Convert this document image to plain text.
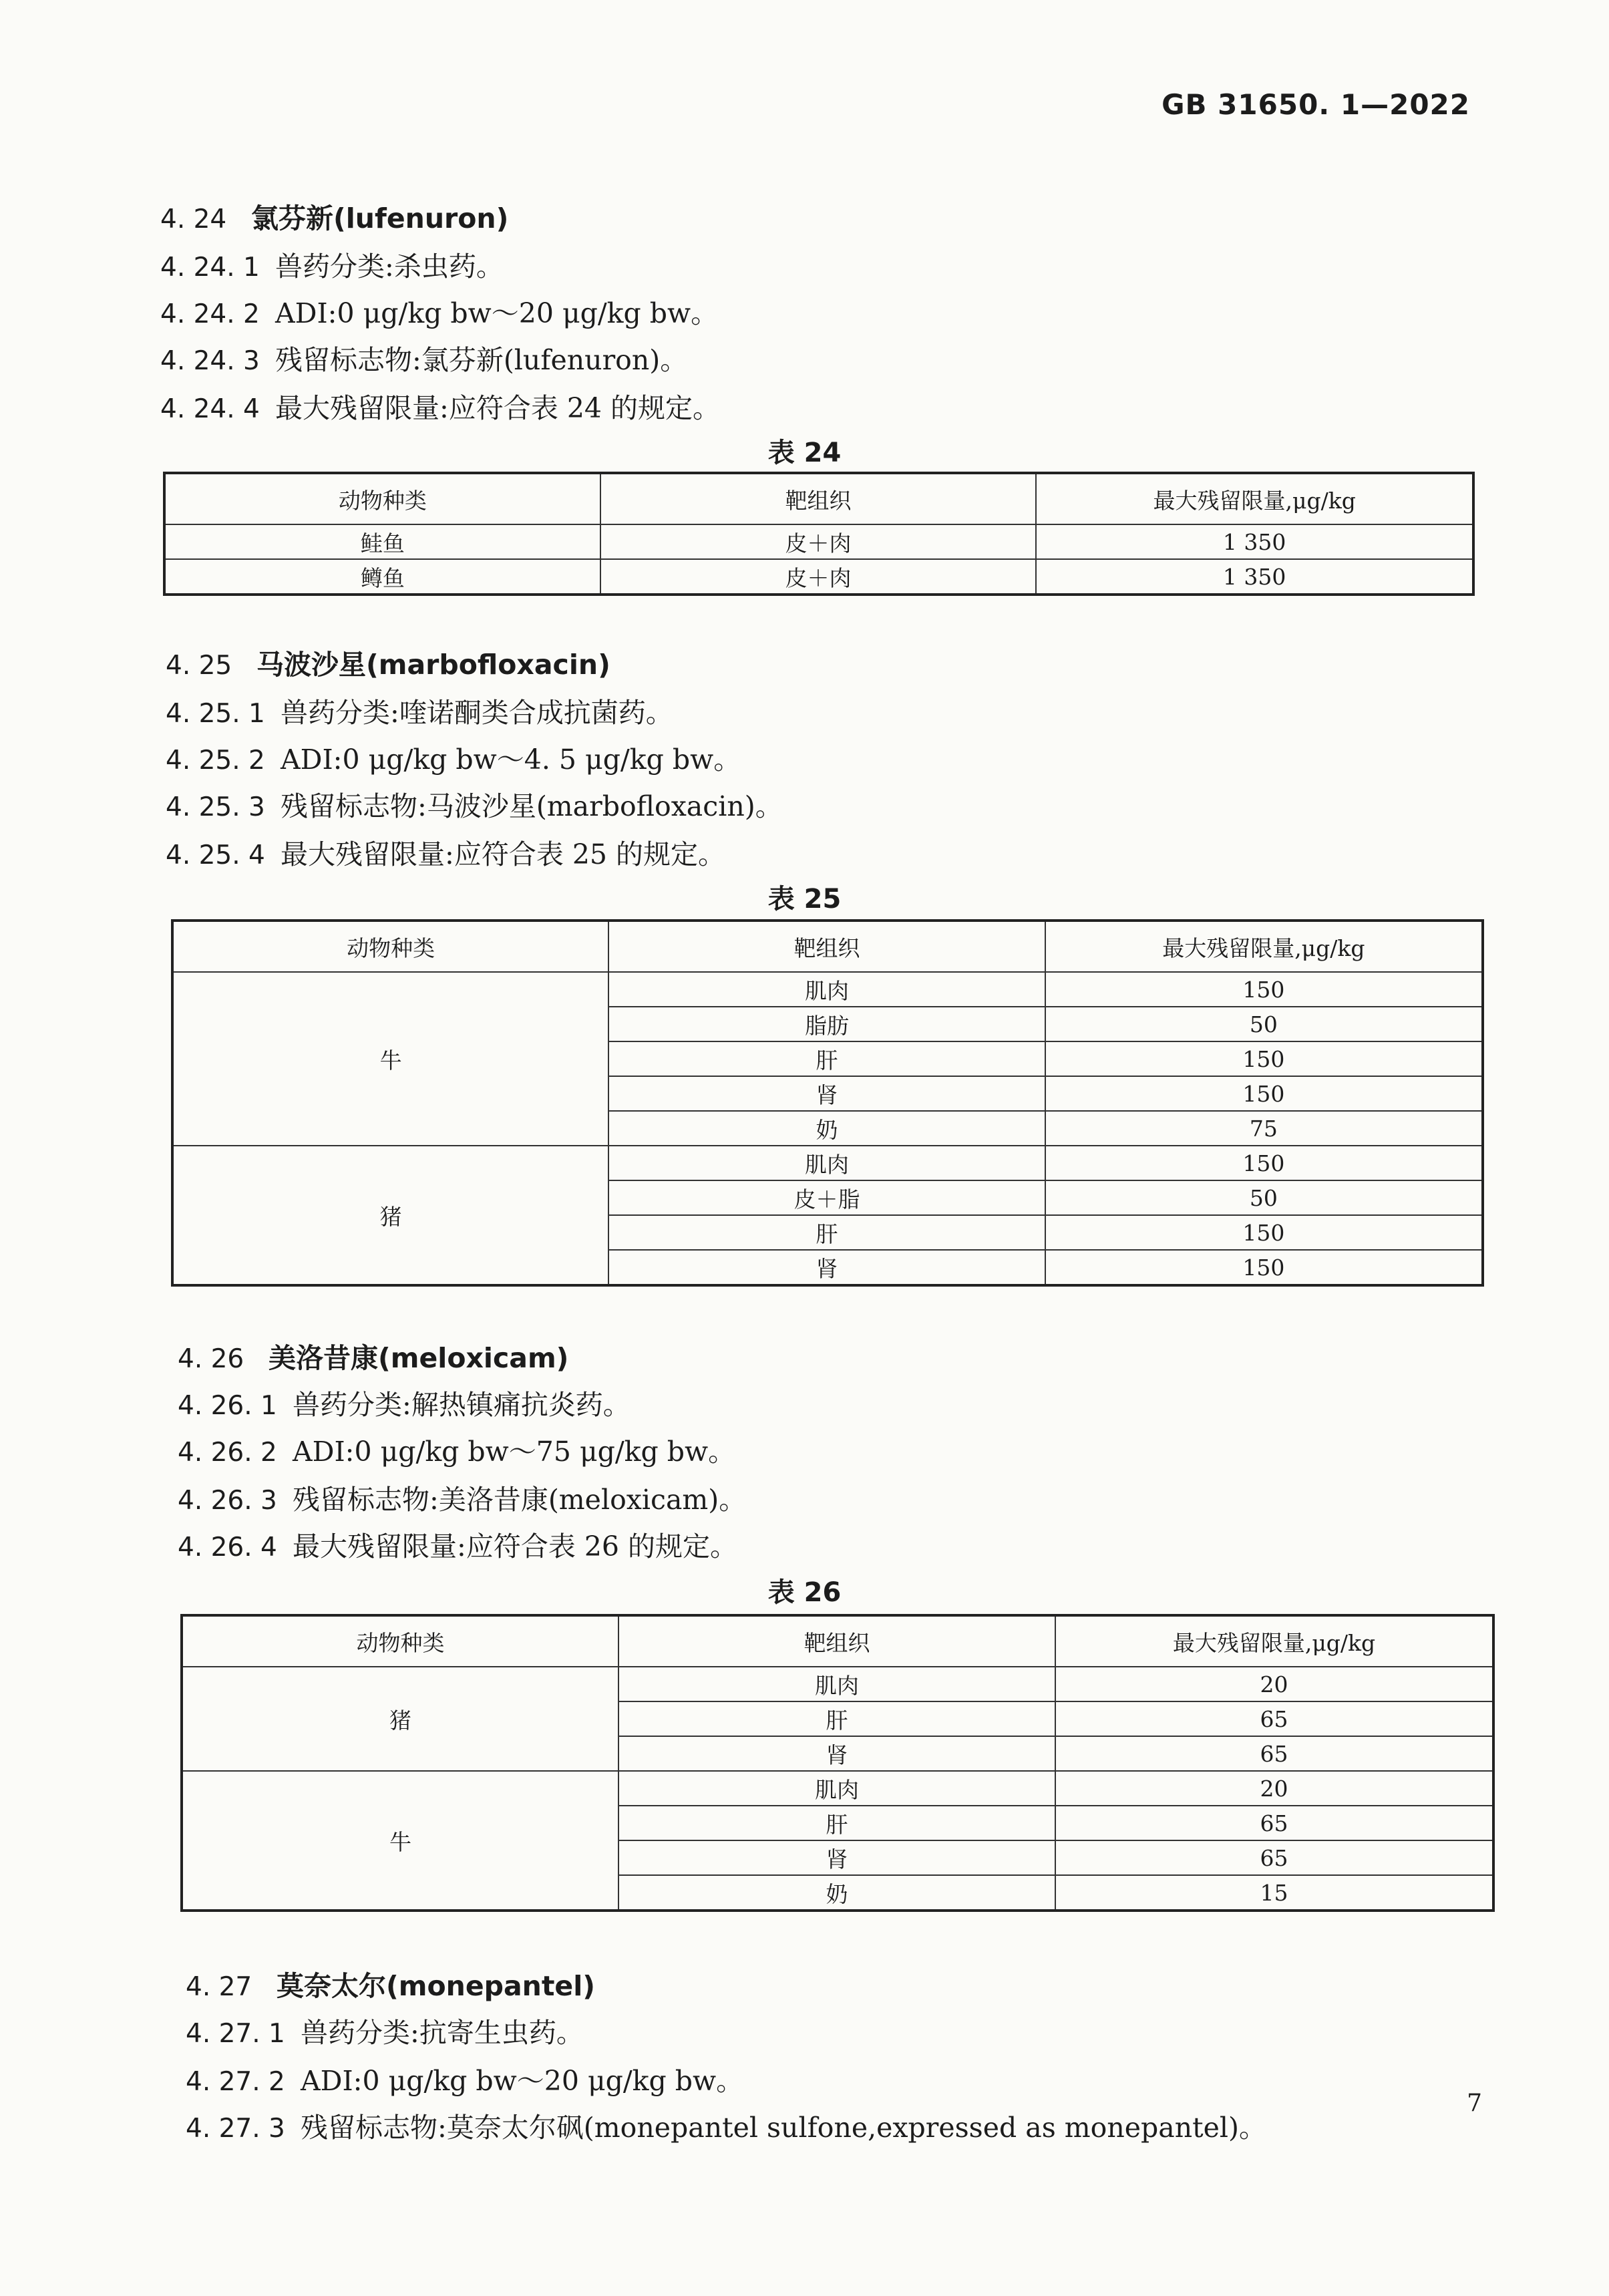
GB 31650. 1—2022
4. 24 氯芬新(lufenuron)
4. 24. 1 兽药分类:杀虫药。
4. 24. 2 ADI:0 μg/kg bw～20 μg/kg bw。
4. 24. 3 残留标志物:氯芬新(lufenuron)。
4. 24. 4 最大残留限量:应符合表 24 的规定。
表 24
动物种类	靶组织	最大残留限量,μg/kg
鲑鱼	皮＋肉	1 350
鳟鱼	皮＋肉	1 350
4. 25 马波沙星(marbofloxacin)
4. 25. 1 兽药分类:喹诺酮类合成抗菌药。
4. 25. 2 ADI:0 μg/kg bw～4. 5 μg/kg bw。
4. 25. 3 残留标志物:马波沙星(marbofloxacin)。
4. 25. 4 最大残留限量:应符合表 25 的规定。
表 25
动物种类	靶组织	最大残留限量,μg/kg
牛	肌肉	150
	脂肪	50
	肝	150
	肾	150
	奶	75
猪	肌肉	150
	皮＋脂	50
	肝	150
	肾	150
4. 26 美洛昔康(meloxicam)
4. 26. 1 兽药分类:解热镇痛抗炎药。
4. 26. 2 ADI:0 μg/kg bw～75 μg/kg bw。
4. 26. 3 残留标志物:美洛昔康(meloxicam)。
4. 26. 4 最大残留限量:应符合表 26 的规定。
表 26
动物种类	靶组织	最大残留限量,μg/kg
猪	肌肉	20
	肝	65
	肾	65
牛	肌肉	20
	肝	65
	肾	65
	奶	15
4. 27 莫奈太尔(monepantel)
4. 27. 1 兽药分类:抗寄生虫药。
4. 27. 2 ADI:0 μg/kg bw～20 μg/kg bw。
4. 27. 3 残留标志物:莫奈太尔砜(monepantel sulfone,expressed as monepantel)。
7
